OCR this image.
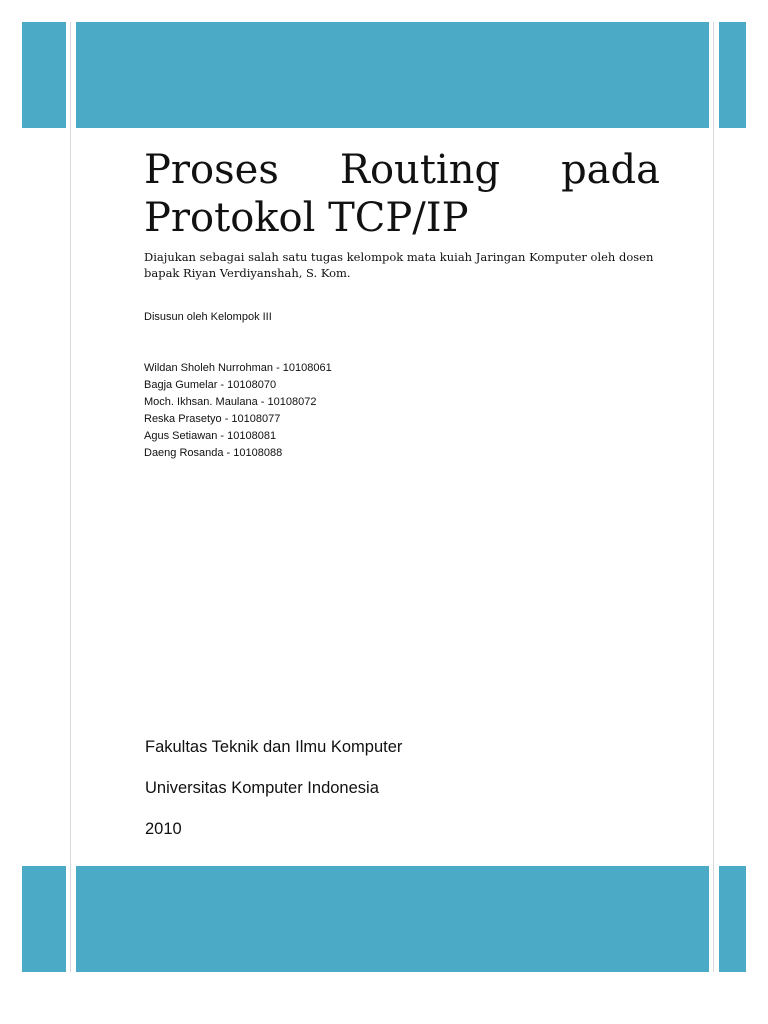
Proses Routing pada
Protokol TCP/IP

Diajukan sebagai salah satu tugas kelompok mata kuiah Jaringan Komputer oleh dosen bapak Riyan Verdiyanshah, S. Kom.

Disusun oleh Kelompok III
Wildan Sholeh Nurrohman - 10108061
Bagja Gumelar - 10108070
Moch. Ikhsan. Maulana - 10108072
Reska Prasetyo - 10108077
Agus Setiawan - 10108081
Daeng Rosanda - 10108088
Fakultas Teknik dan Ilmu Komputer
Universitas Komputer Indonesia
2010
